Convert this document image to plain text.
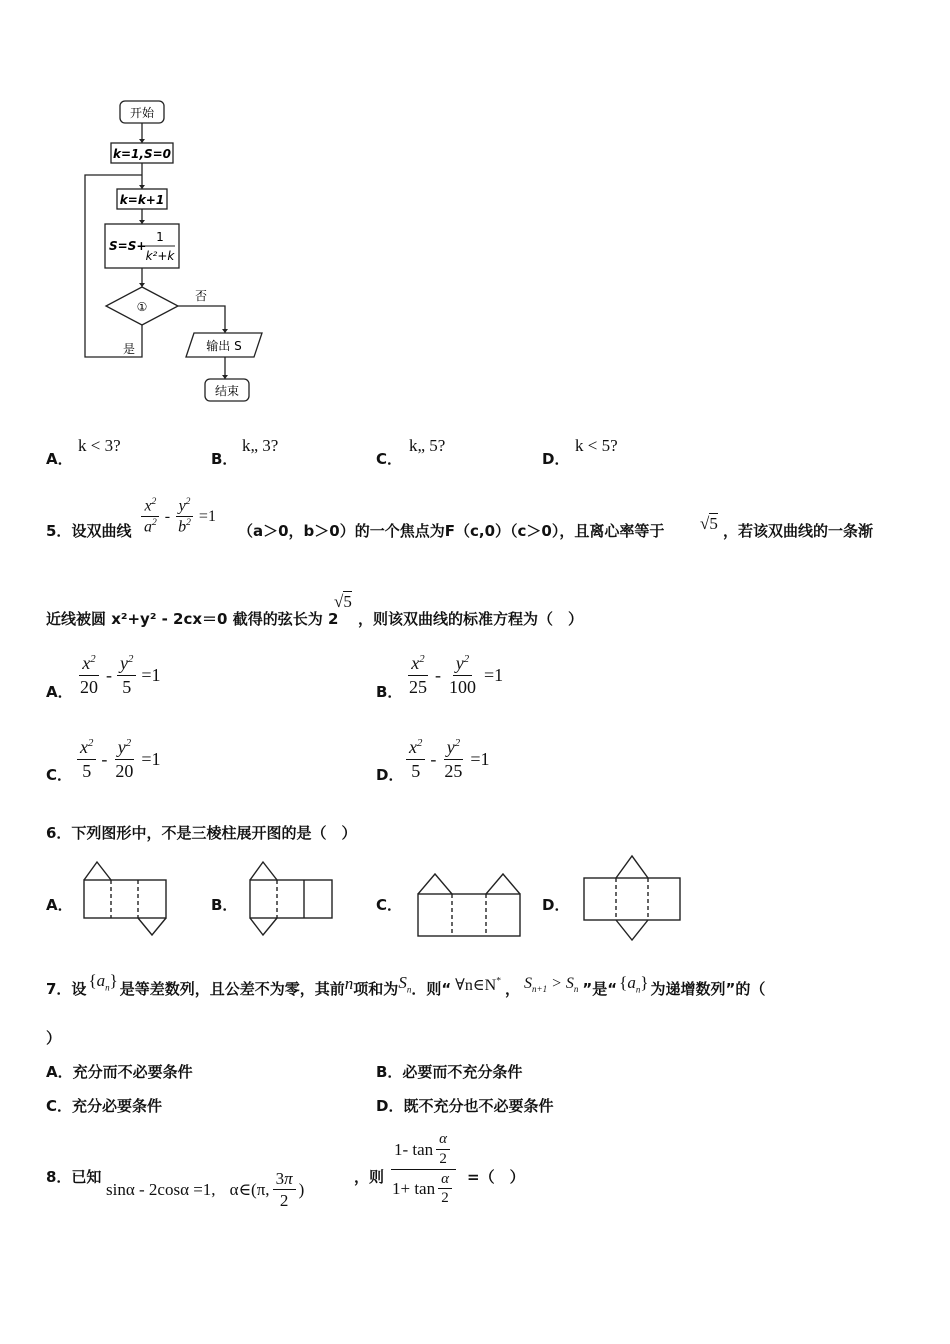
开始
k=1,S=0
k=k+1
S=S+
1
k²+k
①
否
是	输出 S
结束
A．
k < 3?
B．
k„ 3?
C．
k„ 5?
D．
k < 5?
5．设双曲线 $\frac{x^2}{a^2} - \frac{y^2}{b^2} =1$
（a＞0，b＞0）的一个焦点为F（c,0）（c＞0），且离心率等于 √5 ，若该双曲线的一条渐
近线被圆 x²+y² - 2cx＝0 截得的弦长为 2
√5
，则该双曲线的标准方程为（　）
A． $\frac{x^2}{20} - \frac{y^2}{5} =1$
B． $\frac{x^2}{25} - \frac{y^2}{100} =1$
C． $\frac{x^2}{5} - \frac{y^2}{20} =1$
D． $\frac{x^2}{5} - \frac{y^2}{25} =1$
6．下列图形中，不是三棱柱展开图的是（　）
A．	B．	C．	D．
7．设 $\{a_n\}$ 是等差数列，且公差不为零，其前 n 项和为 $S_n$ ．则“ ∀n∈N* ， $S_{n+1} > S_n$ ”是“ $\{a_n\}$ 为递增数列”的（
）
A．充分而不必要条件	B．必要而不充分条件
C．充分必要条件	D．既不充分也不必要条件
8．已知
sinα - 2cosα =1, α∈(π, $\frac{3\pi}{2}$ )
，则 $\frac{1- \tan \frac{\alpha}{2}}{1+ \tan \frac{\alpha}{2}}$ =（　）
